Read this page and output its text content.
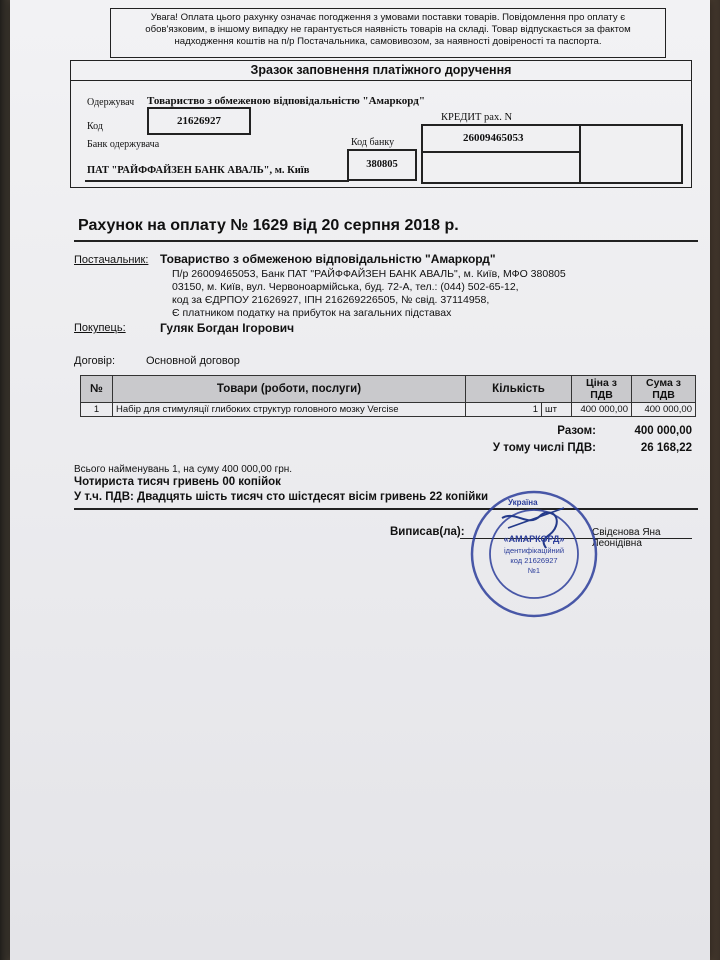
Увага! Оплата цього рахунку означає погодження з умовами поставки товарів. Повідомлення про оплату є
обов'язковим, в іншому випадку не гарантується наявність товарів на складі. Товар відпускається за фактом
надходження коштів на п/р Постачальника, самовивозом, за наявності довіреності та паспорта.
Зразок заповнення платіжного доручення
Одержувач Товариство з обмеженою відповідальністю "Амаркорд"
Код	21626927	КРЕДИТ рах. N
26009465053
Банк одержувача	Код банку
380805
ПАТ "РАЙФФАЙЗЕН БАНК АВАЛЬ", м. Київ
Рахунок на оплату № 1629 від 20 серпня 2018 р.
Постачальник: Товариство з обмеженою відповідальністю "Амаркорд"
П/р 26009465053, Банк ПАТ "РАЙФФАЙЗЕН БАНК АВАЛЬ", м. Київ, МФО 380805
03150, м. Київ, вул. Червоноармійська, буд. 72-А, тел.: (044) 502-65-12,
код за ЄДРПОУ 21626927, ІПН 216269226505, № свід. 37114958,
Є платником податку на прибуток на загальних підставах
Покупець:	Гуляк Богдан Ігорович
Договір:	Основной договор
№	Товари (роботи, послуги)	Кількість		Ціна з ПДВ	Сума з ПДВ
1	Набір для стимуляції глибоких структур головного мозку Vercise	1	шт	400 000,00	400 000,00
Разом:	400 000,00
У тому числі ПДВ:	26 168,22
Всього найменувань 1, на суму 400 000,00 грн.
Чотириста тисяч гривень 00 копійок
У т.ч. ПДВ: Двадцять шість тисяч сто шістдесят вісім гривень 22 копійки
Виписав(ла):	Свідєнова Яна Леонідівна
Україна
«АМАРКОРД»
ідентифікаційний
код 21626927
№1
